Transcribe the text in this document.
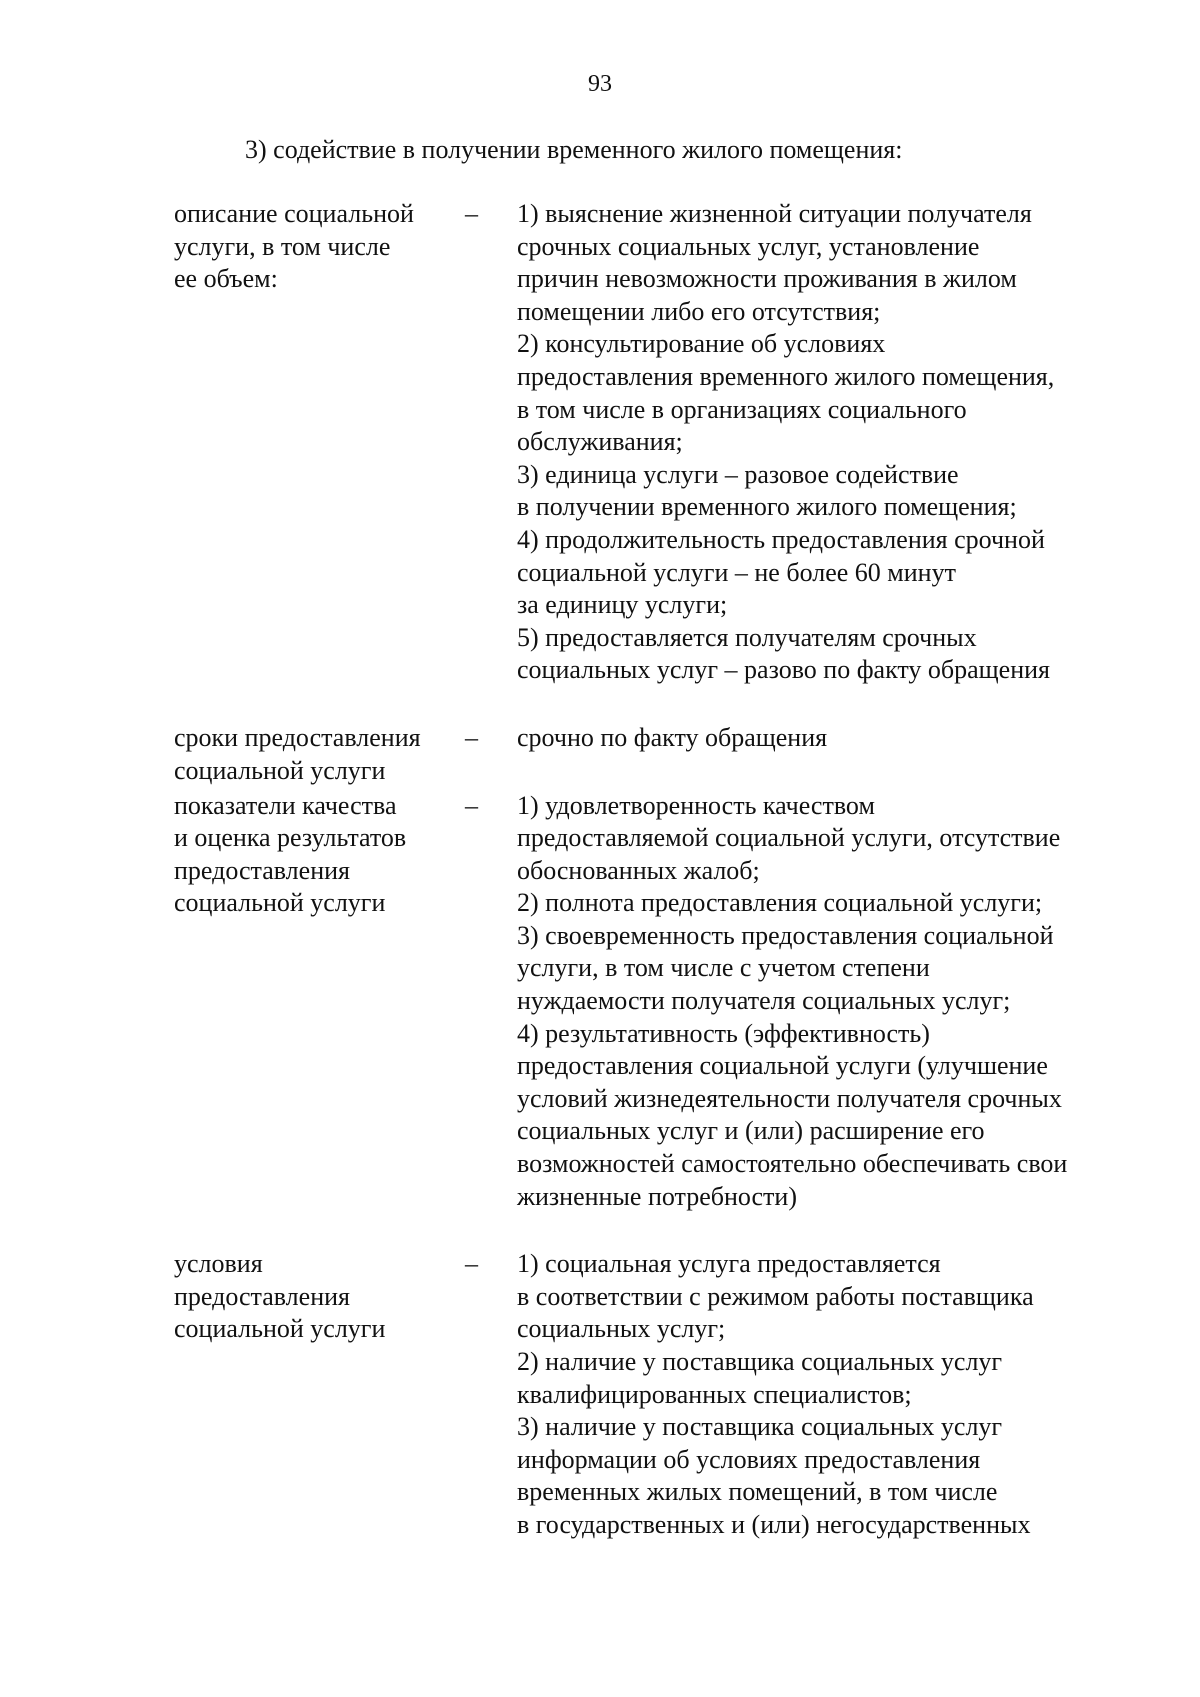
93
3) содействие в получении временного жилого помещения:
описание социальной
услуги, в том числе
ее объем:
– 1) выяснение жизненной ситуации получателя
срочных социальных услуг, установление
причин невозможности проживания в жилом
помещении либо его отсутствия;
2) консультирование об условиях
предоставления временного жилого помещения,
в том числе в организациях социального
обслуживания;
3) единица услуги – разовое содействие
в получении временного жилого помещения;
4) продолжительность предоставления срочной
социальной услуги – не более 60 минут
за единицу услуги;
5) предоставляется получателям срочных
социальных услуг – разово по факту обращения
сроки предоставления
социальной услуги
– срочно по факту обращения
показатели качества
и оценка результатов
предоставления
социальной услуги
– 1) удовлетворенность качеством
предоставляемой социальной услуги, отсутствие
обоснованных жалоб;
2) полнота предоставления социальной услуги;
3) своевременность предоставления социальной
услуги, в том числе с учетом степени
нуждаемости получателя социальных услуг;
4) результативность (эффективность)
предоставления социальной услуги (улучшение
условий жизнедеятельности получателя срочных
социальных услуг и (или) расширение его
возможностей самостоятельно обеспечивать свои
жизненные потребности)
условия
предоставления
социальной услуги
– 1) социальная услуга предоставляется
в соответствии с режимом работы поставщика
социальных услуг;
2) наличие у поставщика социальных услуг
квалифицированных специалистов;
3) наличие у поставщика социальных услуг
информации об условиях предоставления
временных жилых помещений, в том числе
в государственных и (или) негосударственных
